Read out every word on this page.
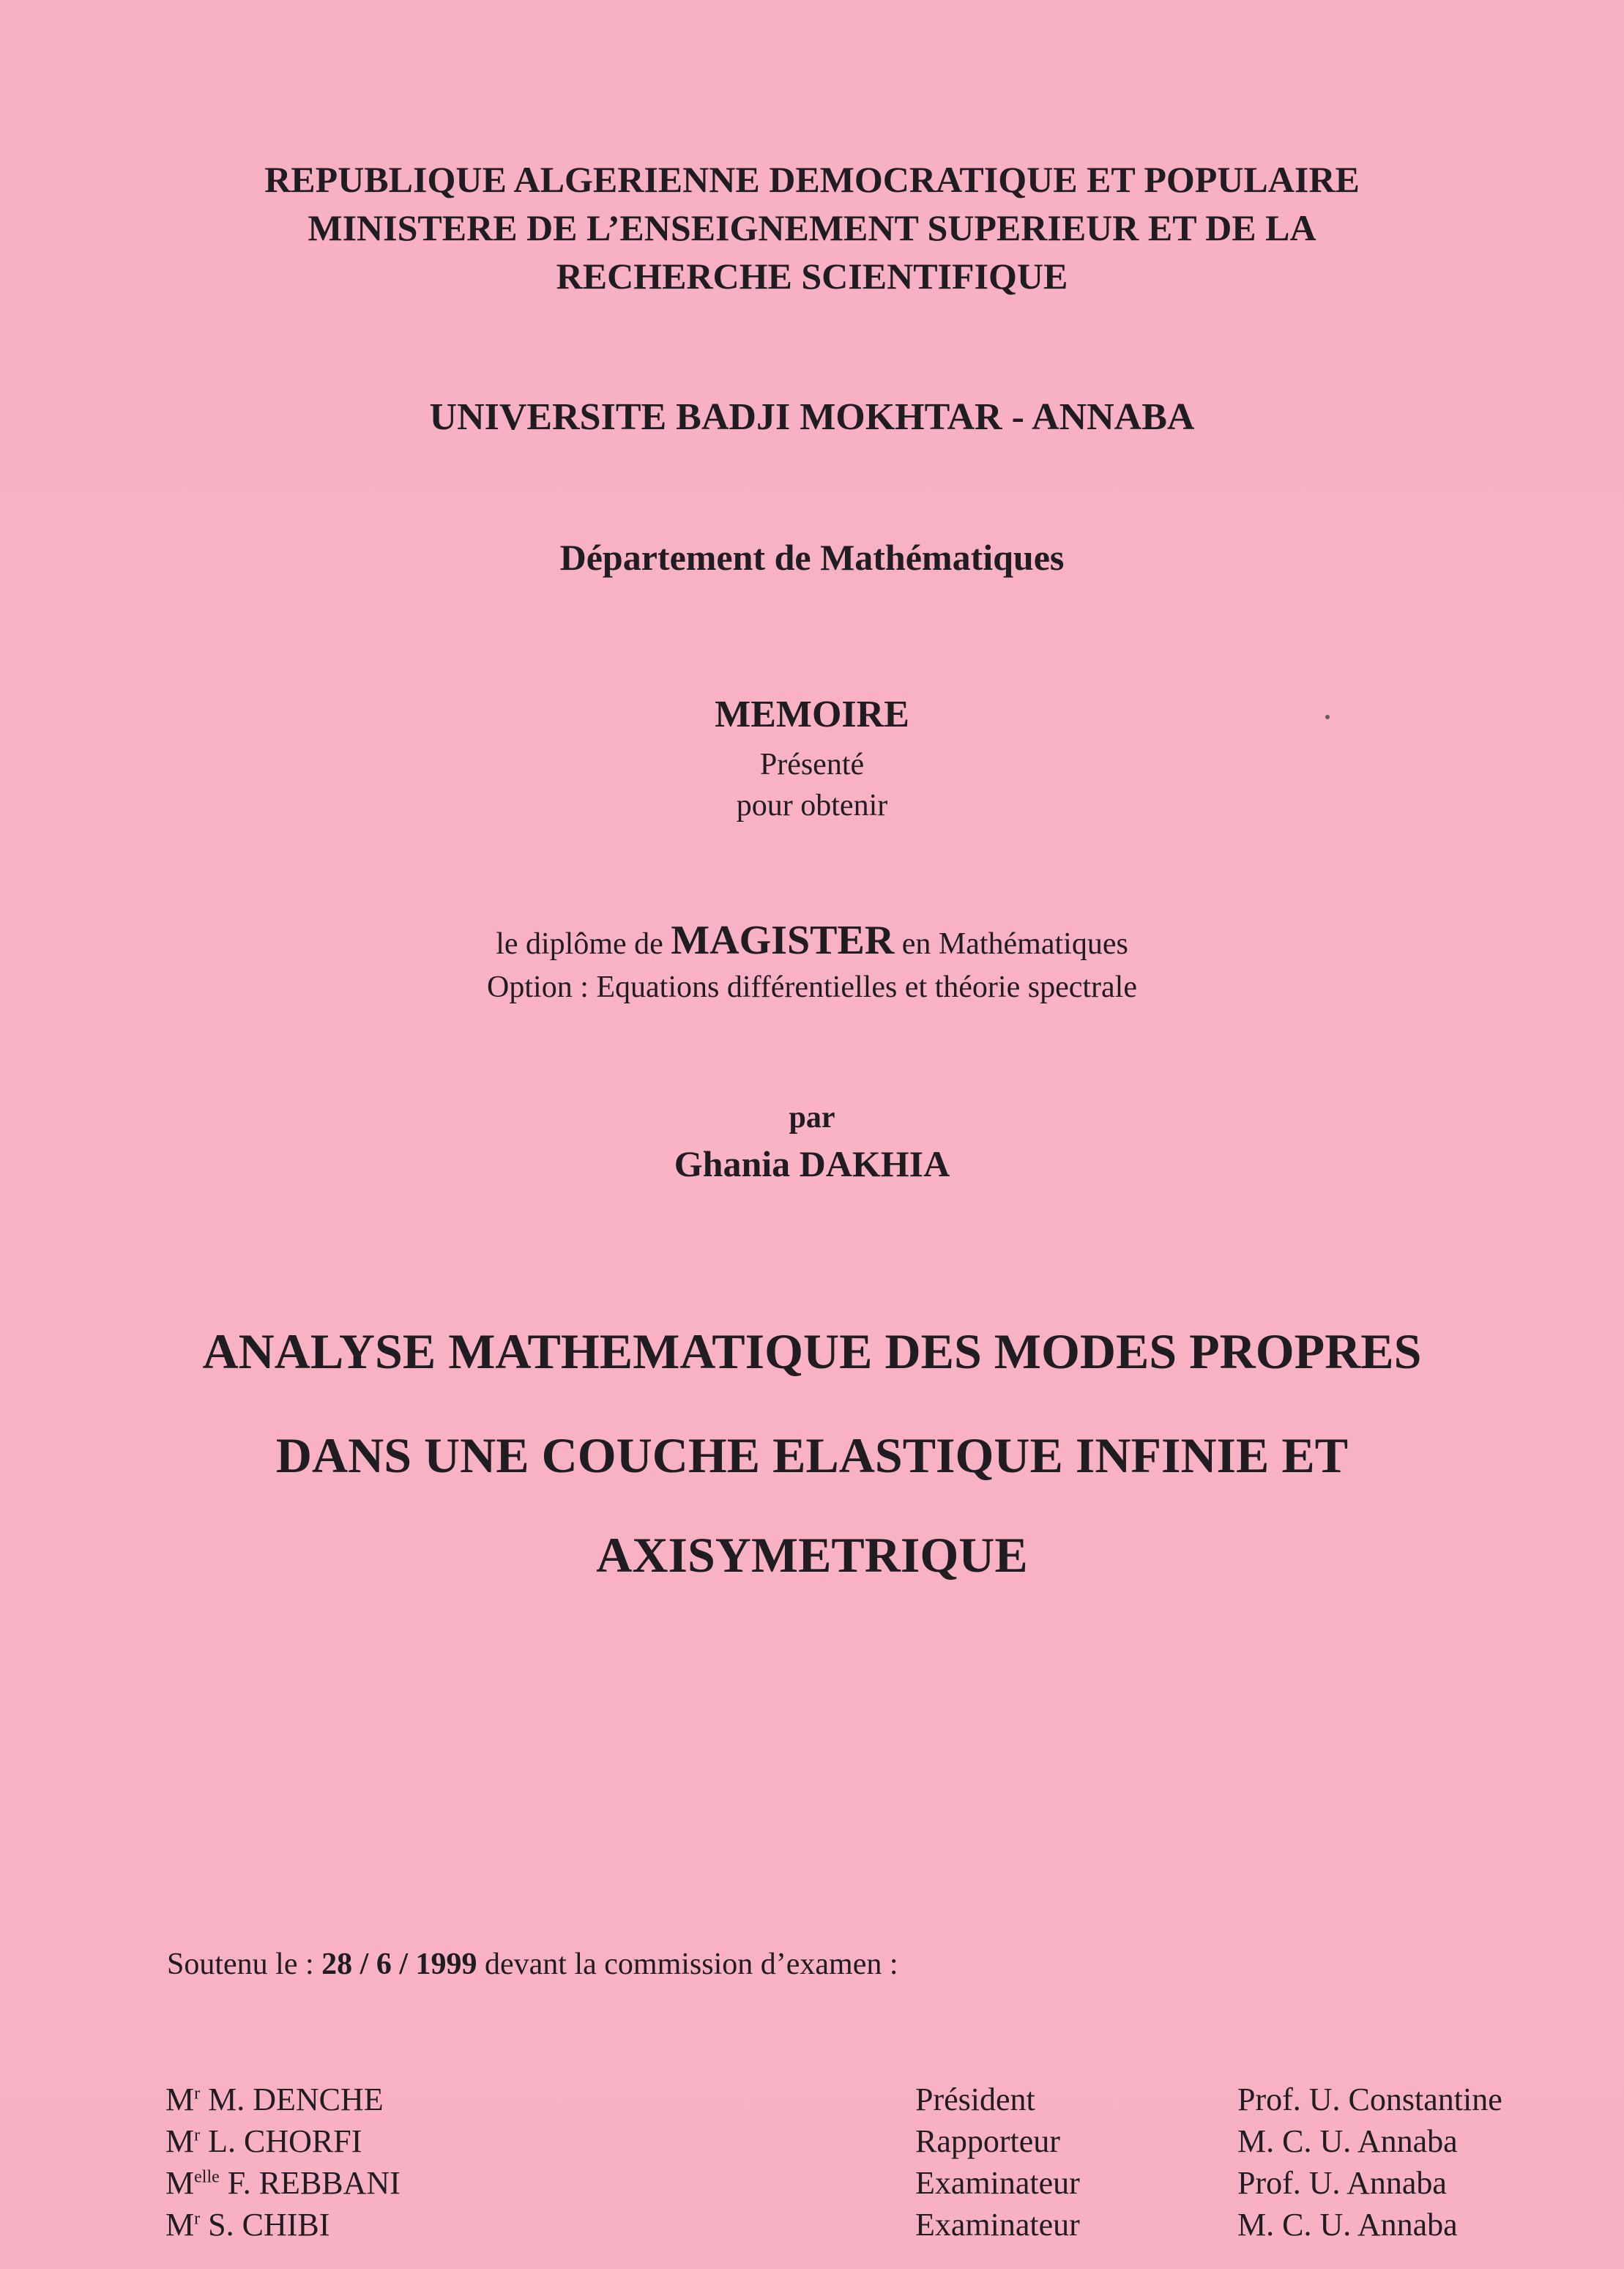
REPUBLIQUE ALGERIENNE DEMOCRATIQUE ET POPULAIRE
MINISTERE DE L’ENSEIGNEMENT SUPERIEUR ET DE LA
RECHERCHE SCIENTIFIQUE
UNIVERSITE BADJI MOKHTAR - ANNABA
Département de Mathématiques
MEMOIRE
Présenté
pour obtenir
le diplôme de MAGISTER en Mathématiques
Option : Equations différentielles et théorie spectrale
par
Ghania DAKHIA
ANALYSE MATHEMATIQUE DES MODES PROPRES
DANS UNE COUCHE ELASTIQUE INFINIE ET
AXISYMETRIQUE
Soutenu le : 28 / 6 / 1999 devant la commission d’examen :
$M^r$ M. DENCHE	Président	Prof. U. Constantine
$M^r$ L. CHORFI	Rapporteur	M. C. U. Annaba
$M^{elle}$ F. REBBANI	Examinateur	Prof. U. Annaba
$M^r$ S. CHIBI	Examinateur	M. C. U. Annaba
